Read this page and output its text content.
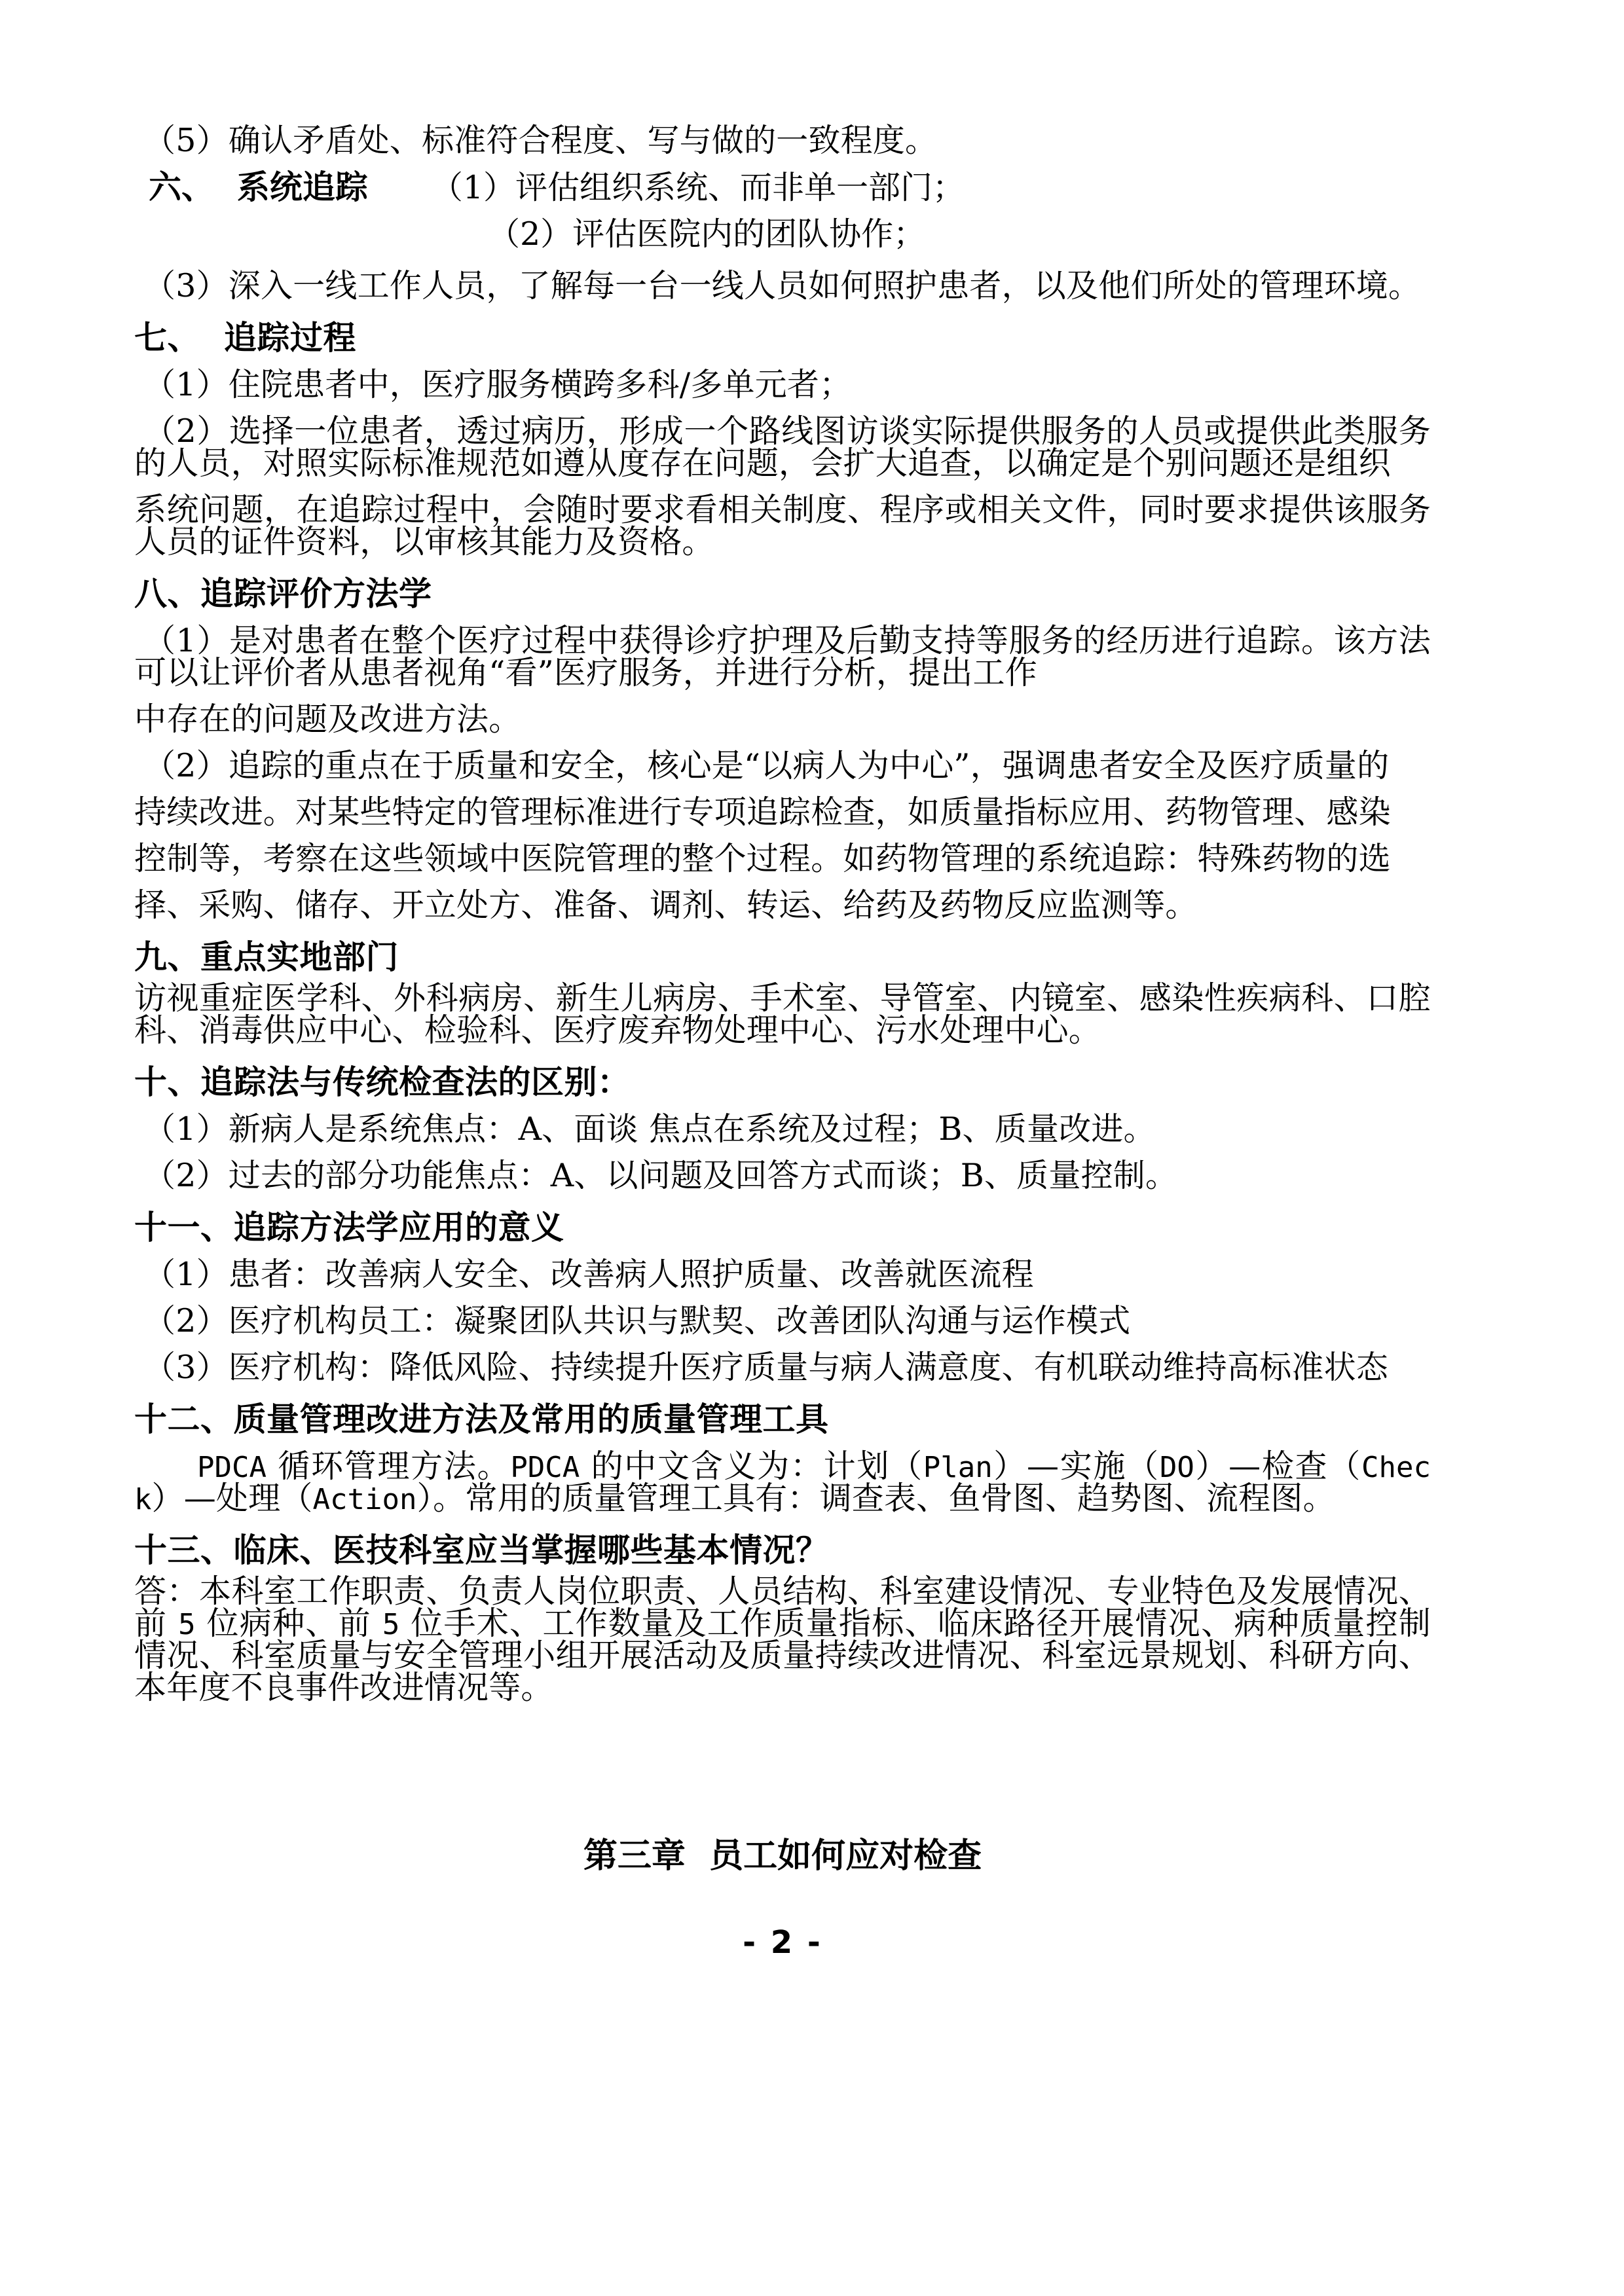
（5）确认矛盾处、标准符合程度、写与做的一致程度。

六、  系统追踪	（1）评估组织系统、而非单一部门；

（2）评估医院内的团队协作；

（3）深入一线工作人员，了解每一台一线人员如何照护患者，以及他们所处的管理环境。

七、  追踪过程

（1）住院患者中，医疗服务横跨多科/多单元者；

（2）选择一位患者，透过病历，形成一个路线图访谈实际提供服务的人员或提供此类服务的人员，对照实际标准规范如遵从度存在问题，会扩大追查，以确定是个别问题还是组织

系统问题，在追踪过程中，会随时要求看相关制度、程序或相关文件，同时要求提供该服务人员的证件资料，以审核其能力及资格。

八、追踪评价方法学

（1）是对患者在整个医疗过程中获得诊疗护理及后勤支持等服务的经历进行追踪。该方法可以让评价者从患者视角“看”医疗服务，并进行分析，提出工作

中存在的问题及改进方法。

（2）追踪的重点在于质量和安全，核心是“以病人为中心”，强调患者安全及医疗质量的

持续改进。对某些特定的管理标准进行专项追踪检查，如质量指标应用、药物管理、感染

控制等，考察在这些领域中医院管理的整个过程。如药物管理的系统追踪：特殊药物的选

择、采购、储存、开立处方、准备、调剂、转运、给药及药物反应监测等。

九、重点实地部门

访视重症医学科、外科病房、新生儿病房、手术室、导管室、内镜室、感染性疾病科、口腔科、消毒供应中心、检验科、医疗废弃物处理中心、污水处理中心。

十、追踪法与传统检查法的区别：

（1）新病人是系统焦点：A、面谈 焦点在系统及过程；B、质量改进。

（2）过去的部分功能焦点：A、以问题及回答方式而谈；B、质量控制。

十一、追踪方法学应用的意义

（1）患者：改善病人安全、改善病人照护质量、改善就医流程

（2）医疗机构员工：凝聚团队共识与默契、改善团队沟通与运作模式

（3）医疗机构：降低风险、持续提升医疗质量与病人满意度、有机联动维持高标准状态

十二、质量管理改进方法及常用的质量管理工具

PDCA 循环管理方法。PDCA 的中文含义为：计划（Plan）—实施（DO）—检查（Check）—处理（Action）。常用的质量管理工具有：调查表、鱼骨图、趋势图、流程图。

十三、临床、医技科室应当掌握哪些基本情况？

答：本科室工作职责、负责人岗位职责、人员结构、科室建设情况、专业特色及发展情况、前 5 位病种、前 5 位手术、工作数量及工作质量指标、临床路径开展情况、病种质量控制情况、科室质量与安全管理小组开展活动及质量持续改进情况、科室远景规划、科研方向、本年度不良事件改进情况等。

第三章  员工如何应对检查

- 2 -
